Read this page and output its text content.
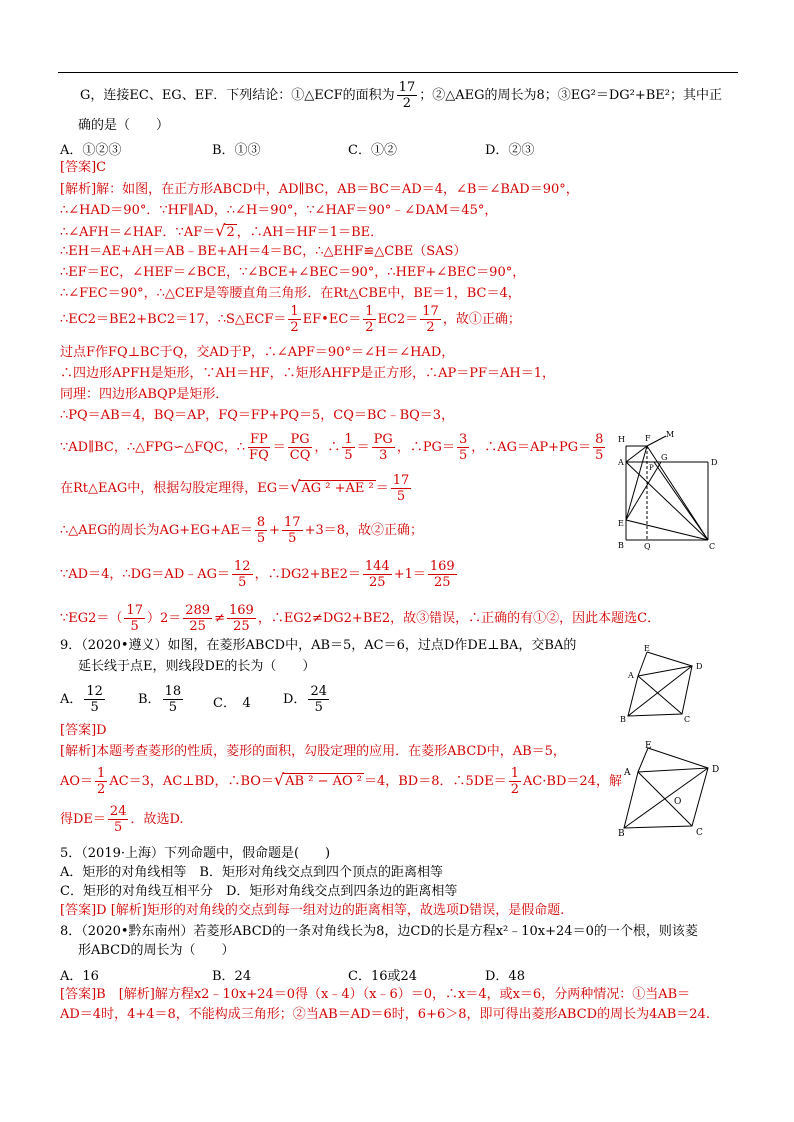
G，连接EC、EG、EF．下列结论：①△ECF的面积为 $\frac{17}{2}$ ；②△AEG的周长为8；③EG²＝DG²+BE²；其中正
确的是（　　）
A．①②③	B．①③	C．①②	D．②③
[答案]C
[解析]解：如图，在正方形ABCD中，AD∥BC，AB＝BC＝AD＝4，∠B＝∠BAD＝90°，
∴∠HAD＝90°．∵HF∥AD，∴∠H＝90°，∵∠HAF＝90°﹣∠DAM＝45°，
∴∠AFH＝∠HAF．∵AF＝√2 ，∴AH＝HF＝1＝BE．
∴EH＝AE+AH＝AB﹣BE+AH＝4＝BC，∴△EHF≌△CBE（SAS）
∴EF＝EC，∠HEF＝∠BCE，∵∠BCE+∠BEC＝90°，∴HEF+∠BEC＝90°，
∴∠FEC＝90°，∴△CEF是等腰直角三角形．在Rt△CBE中，BE＝1，BC＝4，
∴EC2＝BE2+BC2＝17，∴S△ECF＝ $\frac{1}{2}$ EF•EC＝ $\frac{1}{2} EC2= \frac{17}{2}$ ，故①正确；
过点F作FQ⊥BC于Q，交AD于P，∴∠APF＝90°＝∠H＝∠HAD，
∴四边形APFH是矩形，∵AH＝HF，∴矩形AHFP是正方形，∴AP＝PF＝AH＝1，
同理：四边形ABQP是矩形．
∴PQ＝AB＝4，BQ＝AP，FQ＝FP+PQ＝5，CQ＝BC﹣BQ＝3，
∵AD∥BC，∴△FPG∽△FQC，∴ $\frac{FP}{FQ} = \frac{PG}{CQ}$ ，∴ $\frac{1}{5} = \frac{PG}{3}$ ，∴PG＝ $\frac{3}{5}$ ，∴AG＝AP+PG＝ $\frac{8}{5}$
在Rt△EAG中，根据勾股定理得，EG＝√AG ² +AE $^2 = \frac{17}{5}$
∴△AEG的周长为$AG+EG+AE= \frac{8}{5} + \frac{17}{5} +3=8$，故②正确；
∵AD＝4，∴DG＝AD﹣AG＝ $\frac{12}{5}$ ，∴DG2+BE2＝ $\frac{144}{25} +1= \frac{169}{25}$
∵EG2＝（ $\frac{17}{5} )2= \frac{289}{25} \ne \frac{169}{25}$ ，∴EG2≠DG2+BE2，故③错误，∴正确的有①②，因此本题选C．
H	F M
A
G
D
P
E
B	Q	C
9．（2020•遵义）如图，在菱形ABCD中，AB＝5，AC＝6，过点D作DE⊥BA，交BA的
延长线于点E，则线段DE的长为（　　）
A． $\frac{12}{5}$	B． $\frac{18}{5}$ C．　4 D． $\frac{24}{5}$
E
D
A
B	C
[答案]D
[解析]本题考查菱形的性质，菱形的面积，勾股定理的应用．在菱形ABCD中，AB＝5，
$AO= \frac{1}{2} AC=3$，AC⊥BD，∴BO＝√AB ² − AO ² ＝4，BD＝8．∴5DE＝ $\frac{1}{2} AC\cdot BD=24$，解
得$DE= \frac{24}{5}$ ．故选D.
E
A	D
O
B	C
5．（2019·上海）下列命题中，假命题是(　　)
A．矩形的对角线相等　B．矩形对角线交点到四个顶点的距离相等
C．矩形的对角线互相平分　D．矩形对角线交点到四条边的距离相等
[答案]D [解析]矩形的对角线的交点到每一组对边的距离相等，故选项D错误，是假命题.
8．（2020•黔东南州）若菱形ABCD的一条对角线长为8，边CD的长是方程x²﹣10x+24＝0的一个根，则该菱
形ABCD的周长为（　　）
A．16	B．24	C．16或24	D．48
[答案]B　[解析]解方程x2﹣10x+24＝0得（x﹣4）（x﹣6）＝0，∴x＝4，或x＝6，分两种情况：①当AB＝
AD＝4时，4+4＝8，不能构成三角形；②当AB＝AD＝6时，6+6＞8，即可得出菱形ABCD的周长为4AB＝24.
